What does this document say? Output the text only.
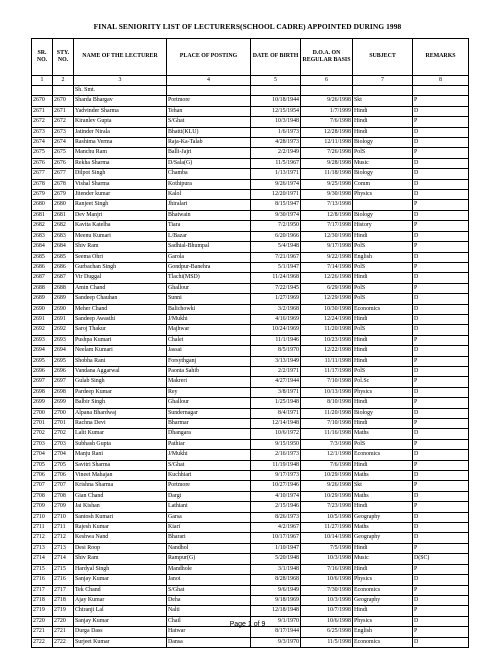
FINAL SENIORITY LIST OF LECTURERS(SCHOOL CADRE) APPOINTED DURING 1998
SR. NO.	STY. NO.	NAME OF THE LECTURER	PLACE OF POSTING	DATE OF BIRTH	D.O.A. ON REGULAR BASIS	SUBJECT	REMARKS
1	2	3	4	5	6	7	8
		Sh. Smt.					
2670	2670	Sharda Bhargav	Portmore	10/18/1944	9/26/1998	Skt	P
2671	2671	Yadvinder Sharma	Tehan	12/15/1954	1/7/1999	Hindi	D
2672	2672	Kiranlev Gupta	S/Ghat	10/3/1948	7/6/1998	Hindi	P
2673	2673	Jatinder Nirala	Bhatti(KLU)	1/6/1973	12/28/1998	Hindi	D
2674	2674	Rashima Verma	Raja-Ka-Talab	4/28/1973	12/11/1998	Biology	D
2675	2675	Manchu Ram	Balli-Jajri	2/2/1949	7/26/1998	PolS	P
2676	2676	Rekha Sharma	D/Sala(G)	11/5/1967	9/28/1998	Music	D
2677	2677	Dilpot Singh	Chamba	1/13/1971	11/18/1998	Biology	D
2678	2678	Vishal Sharma	Kothipura	9/26/1974	9/25/1998	Comm	D
2679	2679	Jitender kumar	Kalol	12/20/1971	9/30/1998	Physics	D
2680	2680	Ranjeet Singh	Jhiralari	8/15/1947	7/13/1998		P
2681	2681	Dev Manjri	Bhatwain	9/30/1974	12/8/1998	Biology	D
2682	2682	Kavita Katelha	Tiara	7/2/1950	7/17/1998	History	P
2683	2683	Meenu Kumari	L/Bazar	6/20/1966	12/30/1998	Hindi	D
2684	2684	Shiv Ram	Sadhial-Bhumpal	5/4/1948	9/17/1998	PolS	P
2685	2685	Seema Ohri	Garola	7/21/1967	9/22/1998	English	D
2686	2686	Gurbachan Singh	Gondpur-Banehra	5/1/1947	7/14/1998	PolS	P
2687	2687	Vir Duggal	Tlachi(MSD)	11/24/1968	12/26/1998	Hindi	D
2688	2688	Amin Chand	Ghallour	7/22/1945	6/29/1998	PolS	P
2689	2689	Sandeep Chauhan	Sunni	1/27/1969	12/29/1998	PolS	D
2690	2690	Meher Chand	Balichowki	3/2/1968	10/30/1998	Economics	D
2691	2691	Sandeep Awasthi	J/Mukhi	4/16/1969	12/24/1998	Hindi	D
2692	2692	Saroj Thakur	Majhwar	10/24/1969	11/20/1998	PolS	D
2693	2693	Pushpa Kumari	Chalet	11/1/1946	10/23/1998	Hindi	P
2694	2694	Neelam Kumari	Jassai	8/5/1970	12/22/1998	Hindi	D
2695	2695	Shobha Rani	Forsythganj	3/13/1949	11/11/1998	Hindi	P
2696	2696	Vandana Aggarwal	Paonta Sahib	2/2/1971	11/17/1998	PolS	D
2697	2697	Gulab Singh	Makreri	4/27/1944	7/10/1998	Pol.Sc	P
2698	2698	Pardeep Kumar	Rey	3/8/1971	10/13/1998	Physics	D
2699	2699	Balbir Singh	Ghallour	1/25/1948	8/10/1998	Hindi	P
2700	2700	Alpana Bhardwaj	Sundernagar	8/4/1971	11/20/1998	Biology	D
2701	2701	Rachna Devi	Bharmar	12/14/1948	7/10/1998	Hindi	P
2702	2702	Lalit Kumar	Dhangara	10/6/1972	11/16/1998	Maths	D
2703	2703	Subhash Gupta	Pathiar	9/15/1950	7/3/1998	PolS	P
2704	2704	Manju Rani	J/Mukhi	2/16/1973	12/1/1998	Economics	D
2705	2705	Savitri Sharma	S/Ghat	11/19/1948	7/6/1998	Hindi	P
2706	2706	Vineet Mahajan	Kuchhiari	9/17/1973	10/29/1998	Maths	D
2707	2707	Krishna Sharma	Portmore	10/27/1946	9/26/1998	Skt	P
2708	2708	Gian Chand	Dargi	4/10/1974	10/29/1998	Maths	D
2709	2709	Jai Kishan	Lathiani	2/15/1946	7/23/1998	Hindi	P
2710	2710	Santosh Kumari	Garsa	8/26/1973	10/5/1998	Geography	D
2711	2711	Rajesh Kumar	Kiari	4/2/1967	11/27/1998	Maths	D
2712	2712	Keshwa Nand	Bharari	10/17/1967	10/14/1998	Geography	D
2713	2713	Desi Roop	Nandhol	1/10/1947	7/5/1998	Hindi	P
2714	2714	Shiv Ram	Rampur(G)	5/20/1948	10/3/1998	Music	D(SC)
2715	2715	Hardyal Singh	Mandhole	3/1/1948	7/16/1998	Hindi	P
2716	2716	Sanjay Kumar	Janot	8/28/1968	10/6/1998	Physics	D
2717	2717	Tek Chand	S/Ghat	9/6/1949	7/30/1998	Economics	P
2718	2718	Ajay Kumar	Deha	9/18/1969	10/3/1998	Geography	D
2719	2719	Chiranji Lal	Nalti	12/18/1948	10/7/1998	Hindi	P
2720	2720	Sanjay Kumar	Chail	9/1/1970	10/6/1998	Physics	D
2721	2721	Durga Dass	Hatwar	8/17/1944	6/25/1998	English	P
2722	2722	Surjeet Kumar	Dansa	9/3/1970	11/5/1998	Economics	D
Page 1 of 9
